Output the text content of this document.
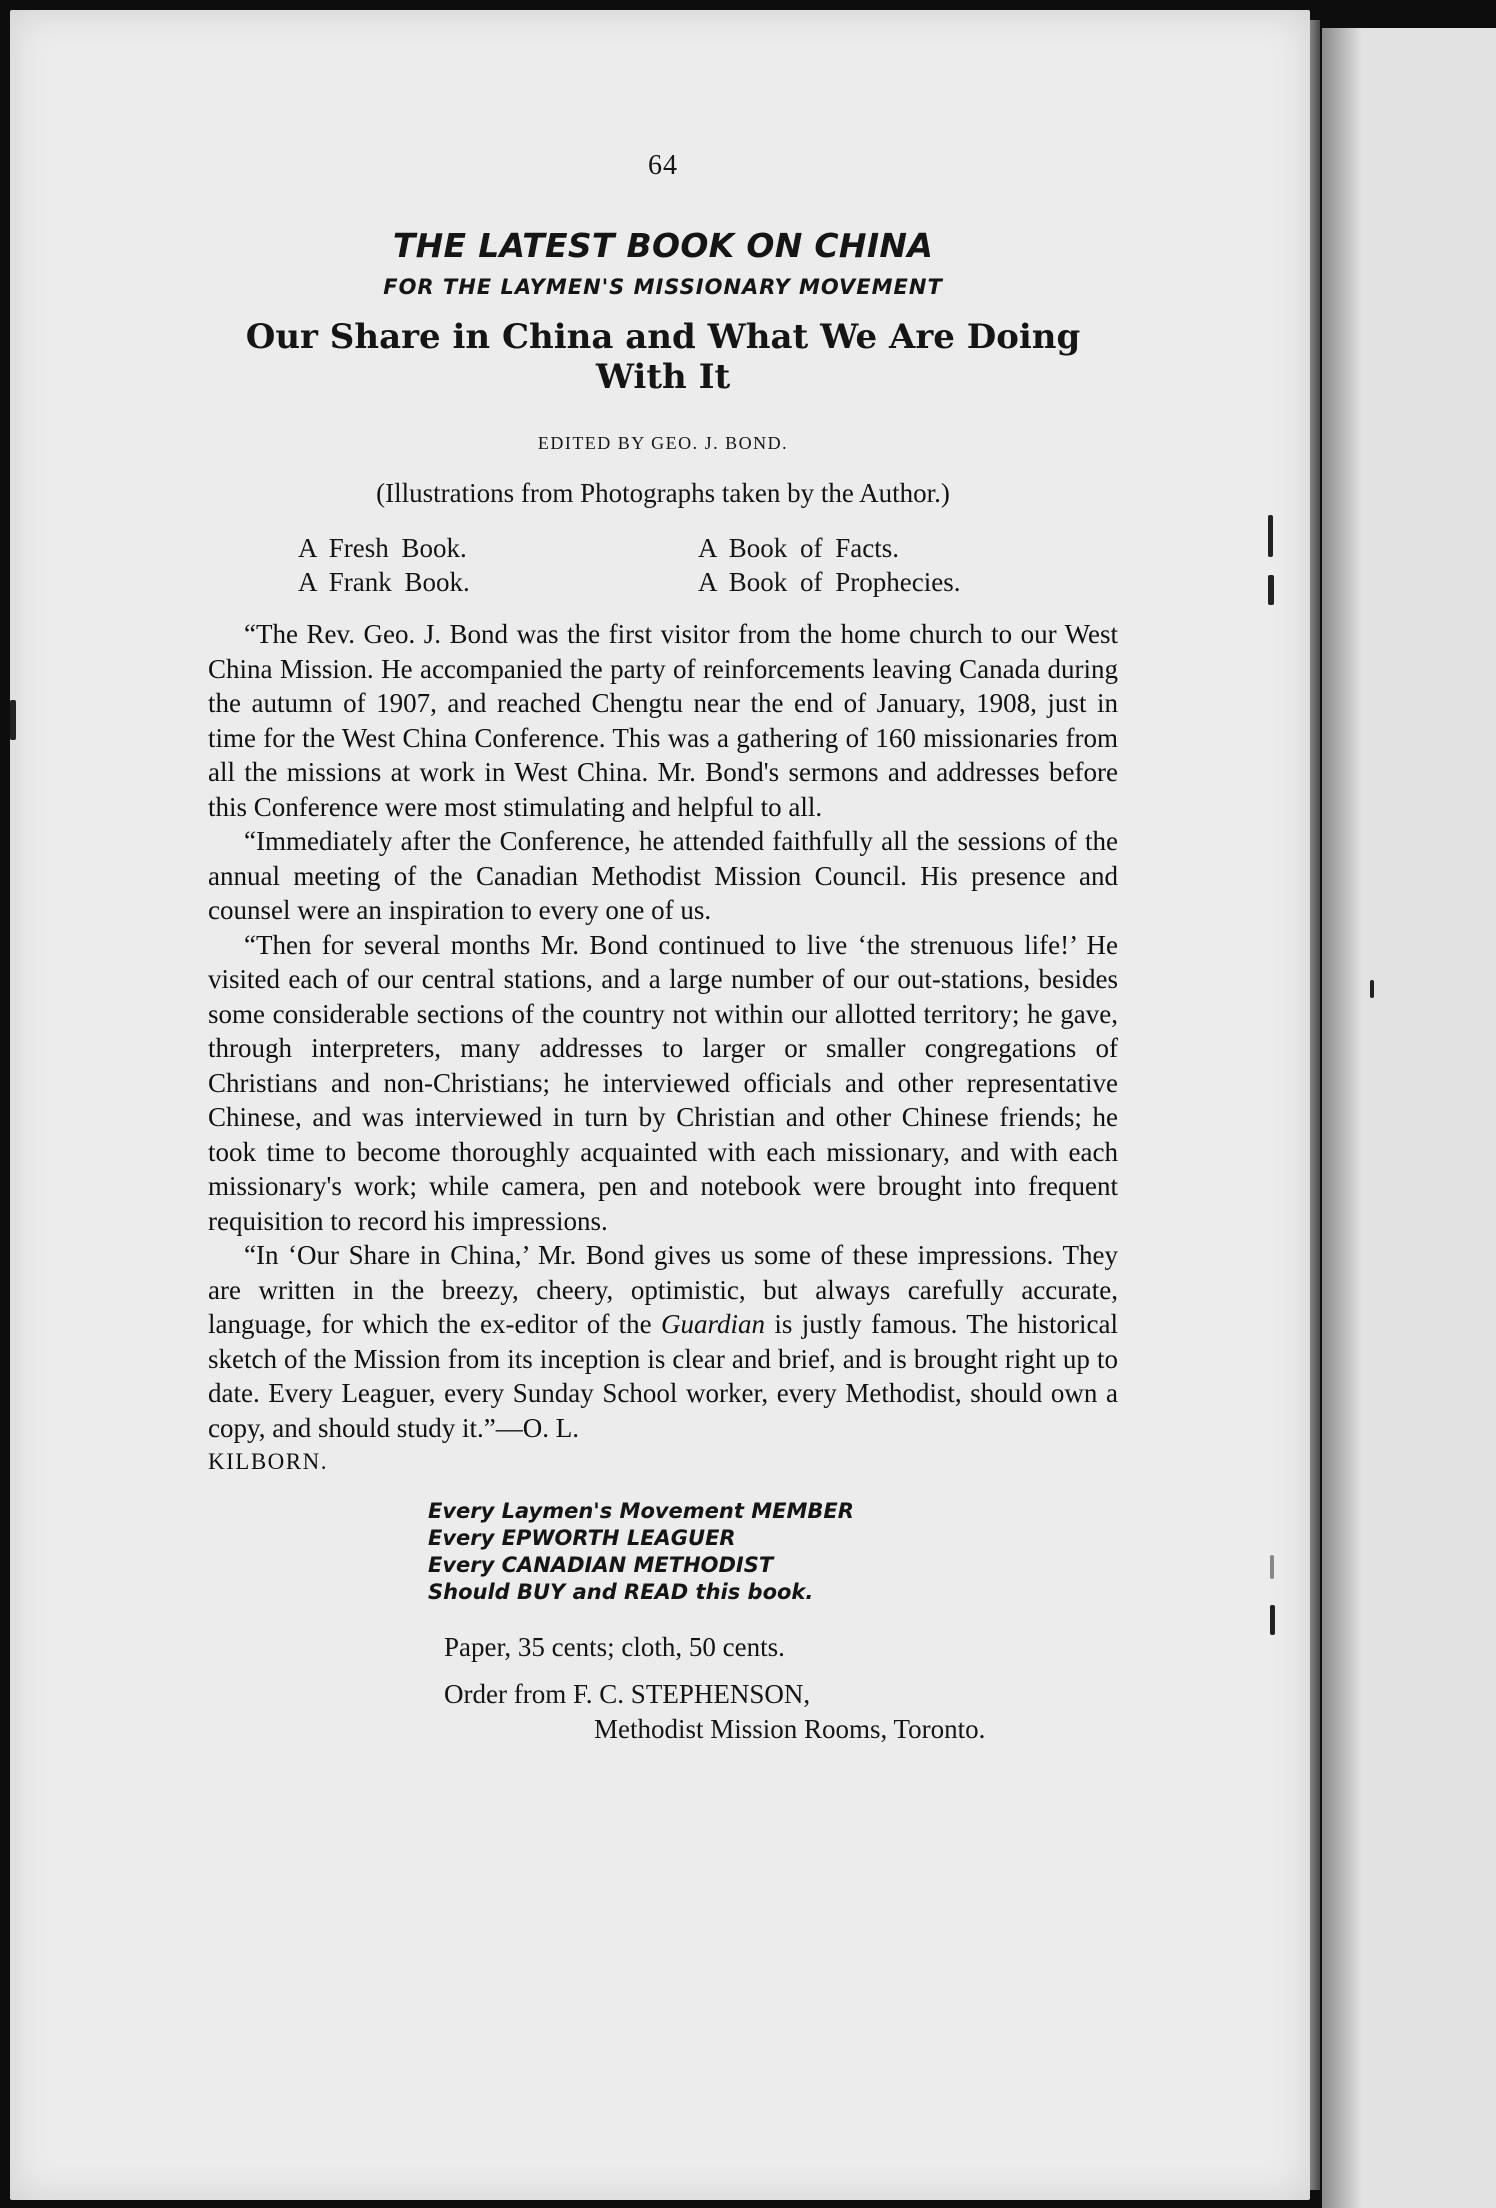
64
THE LATEST BOOK ON CHINA
FOR THE LAYMEN'S MISSIONARY MOVEMENT
Our Share in China and What We Are Doing With It
EDITED BY GEO. J. BOND.
(Illustrations from Photographs taken by the Author.)
A Fresh Book.	A Book of Facts.
A Frank Book.	A Book of Prophecies.

“The Rev. Geo. J. Bond was the first visitor from the home church to our West China Mission. He accompanied the party of reinforcements leaving Canada during the autumn of 1907, and reached Chengtu near the end of January, 1908, just in time for the West China Conference. This was a gathering of 160 missionaries from all the missions at work in West China. Mr. Bond's sermons and addresses before this Conference were most stimulating and helpful to all.

“Immediately after the Conference, he attended faithfully all the sessions of the annual meeting of the Canadian Methodist Mission Council. His presence and counsel were an inspiration to every one of us.

“Then for several months Mr. Bond continued to live ‘the strenuous life!’ He visited each of our central stations, and a large number of our out-stations, besides some considerable sections of the country not within our allotted territory; he gave, through interpreters, many addresses to larger or smaller congregations of Christians and non-Christians; he interviewed officials and other representative Chinese, and was interviewed in turn by Christian and other Chinese friends; he took time to become thoroughly acquainted with each missionary, and with each missionary's work; while camera, pen and notebook were brought into frequent requisition to record his impressions.

“In ‘Our Share in China,’ Mr. Bond gives us some of these impressions. They are written in the breezy, cheery, optimistic, but always carefully accurate, language, for which the ex-editor of the Guardian is justly famous. The historical sketch of the Mission from its inception is clear and brief, and is brought right up to date. Every Leaguer, every Sunday School worker, every Methodist, should own a copy, and should study it.”—O. L.

KILBORN.

Every Laymen's Movement MEMBER
Every EPWORTH LEAGUER
Every CANADIAN METHODIST
Should BUY and READ this book.
Paper, 35 cents; cloth, 50 cents.
Order from F. C. STEPHENSON,
Methodist Mission Rooms, Toronto.
